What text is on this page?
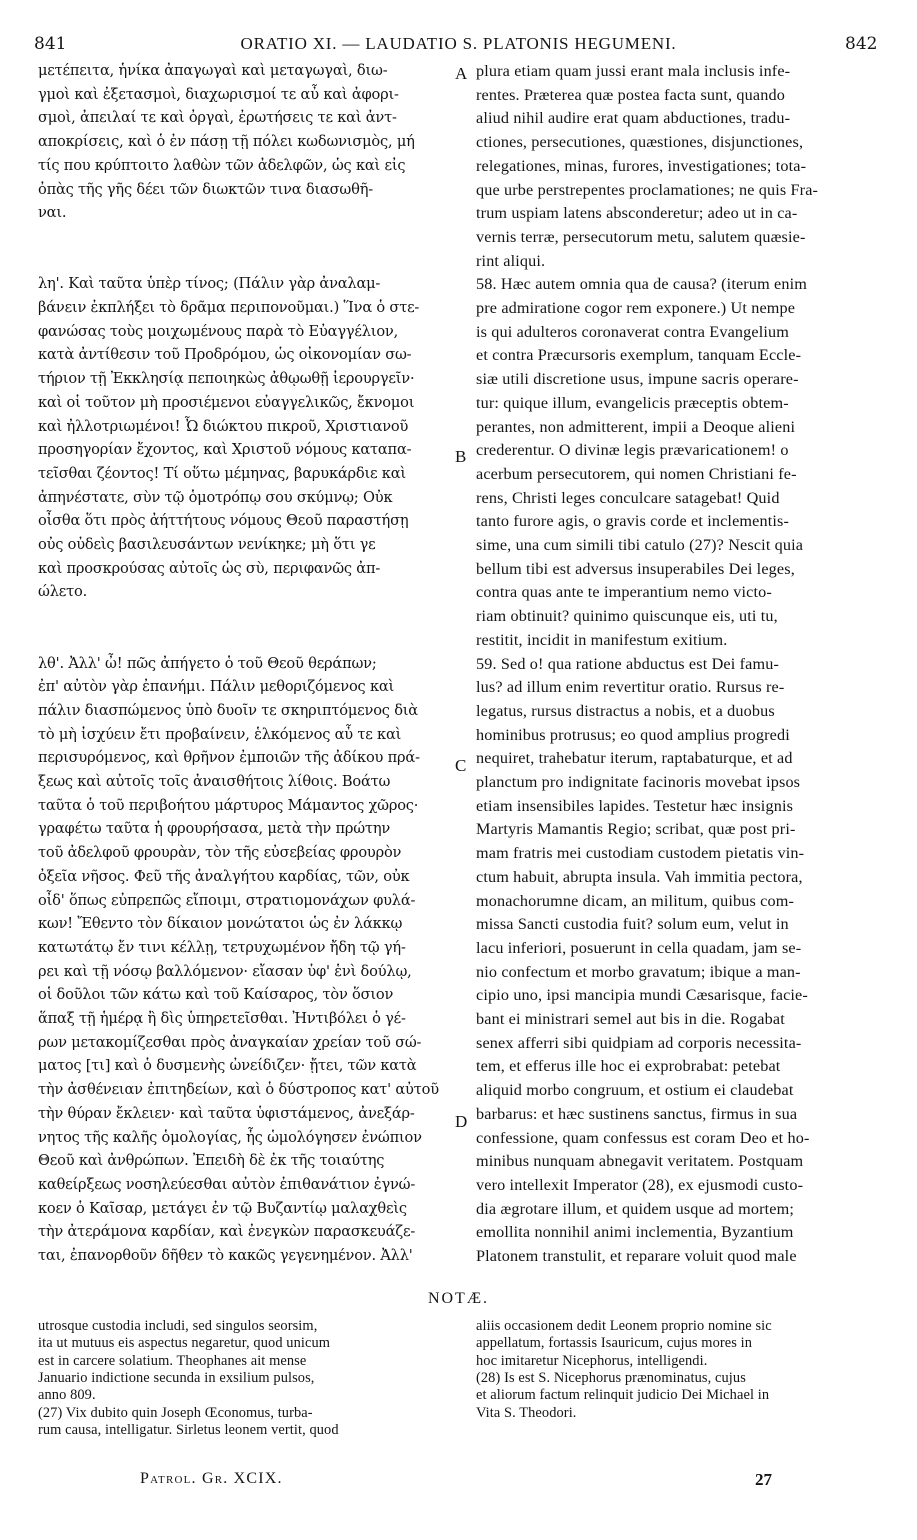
841	ORATIO XI. — LAUDATIO S. PLATONIS HEGUMENI.	842
μετέπειτα, ἡνίκα ἀπαγωγαὶ καὶ μεταγωγαὶ, διω-
γμοὶ καὶ ἐξετασμοὶ, διαχωρισμοί τε αὖ καὶ ἀφορι-
σμοὶ, ἀπειλαί τε καὶ ὀργαὶ, ἐρωτήσεις τε καὶ ἀντ-
αποκρίσεις, καὶ ὁ ἐν πάσῃ τῇ πόλει κωδωνισμὸς, μή
τίς που κρύπτοιτο λαθὼν τῶν ἀδελφῶν, ὡς καὶ εἰς
ὀπὰς τῆς γῆς δέει τῶν διωκτῶν τινα διασωθῆ-
ναι.
λη'. Καὶ ταῦτα ὑπὲρ τίνος; (Πάλιν γὰρ ἀναλαμ-
βάνειν ἐκπλήξει τὸ δρᾶμα περιπονοῦμαι.) Ἵνα ὁ στε-
φανώσας τοὺς μοιχωμένους παρὰ τὸ Εὐαγγέλιον,
κατὰ ἀντίθεσιν τοῦ Προδρόμου, ὡς οἰκονομίαν σω-
τήριον τῇ Ἐκκλησίᾳ πεποιηκὼς ἀθῳωθῇ ἱερουργεῖν·
καὶ οἱ τοῦτον μὴ προσιέμενοι εὐαγγελικῶς, ἔκνομοι
καὶ ἠλλοτριωμένοι! Ὦ διώκτου πικροῦ, Χριστιανοῦ
προσηγορίαν ἔχοντος, καὶ Χριστοῦ νόμους καταπα-
τεῖσθαι ζέοντος! Τί οὕτω μέμηνας, βαρυκάρδιε καὶ
ἀπηνέστατε, σὺν τῷ ὁμοτρόπῳ σου σκύμνῳ; Οὐκ
οἶσθα ὅτι πρὸς ἀήττήτους νόμους Θεοῦ παραστήσῃ
οὐς οὐδεὶς βασιλευσάντων νενίκηκε; μὴ ὅτι γε
καὶ προσκρούσας αὐτοῖς ὡς σὺ, περιφανῶς ἀπ-
ώλετο.
λθ'. Ἀλλ' ὦ! πῶς ἀπήγετο ὁ τοῦ Θεοῦ θεράπων;
ἐπ' αὐτὸν γὰρ ἐπανήμι. Πάλιν μεθοριζόμενος καὶ
πάλιν διασπώμενος ὑπὸ δυοῖν τε σκηριπτόμενος διὰ
τὸ μὴ ἰσχύειν ἔτι προβαίνειν, ἑλκόμενος αὖ τε καὶ
περισυρόμενος, καὶ θρῆνον ἐμποιῶν τῆς ἀδίκου πρά-
ξεως καὶ αὐτοῖς τοῖς ἀναισθήτοις λίθοις. Βοάτω
ταῦτα ὁ τοῦ περιβοήτου μάρτυρος Μάμαντος χῶρος·
γραφέτω ταῦτα ἡ φρουρήσασα, μετὰ τὴν πρώτην
τοῦ ἀδελφοῦ φρουρὰν, τὸν τῆς εὐσεβείας φρουρὸν
ὀξεῖα νῆσος. Φεῦ τῆς ἀναλγήτου καρδίας, τῶν, οὐκ
οἶδ' ὅπως εὐπρεπῶς εἴποιμι, στρατιομονάχων φυλά-
κων! Ἔθεντο τὸν δίκαιον μονώτατοι ὡς ἐν λάκκῳ
κατωτάτῳ ἔν τινι κέλλῃ, τετρυχωμένον ἤδη τῷ γή-
ρει καὶ τῇ νόσῳ βαλλόμενον· εἴασαν ὑφ' ἑνὶ δούλῳ,
οἱ δοῦλοι τῶν κάτω καὶ τοῦ Καίσαρος, τὸν ὅσιον
ἅπαξ τῇ ἡμέρᾳ ἢ δὶς ὑπηρετεῖσθαι. Ἠντιβόλει ὁ γέ-
ρων μετακομίζεσθαι πρὸς ἀναγκαίαν χρείαν τοῦ σώ-
ματος [τι] καὶ ὁ δυσμενὴς ὠνείδιζεν· ᾔτει, τῶν κατὰ
τὴν ἀσθένειαν ἐπιτηδείων, καὶ ὁ δύστροπος κατ' αὐτοῦ
τὴν θύραν ἔκλειεν· καὶ ταῦτα ὑφιστάμενος, ἀνεξάρ-
νητος τῆς καλῆς ὁμολογίας, ἧς ὡμολόγησεν ἐνώπιον
Θεοῦ καὶ ἀνθρώπων. Ἐπειδὴ δὲ ἐκ τῆς τοιαύτης
καθείρξεως νοσηλεύεσθαι αὐτὸν ἐπιθανάτιον ἐγνώ-
κοεν ὁ Καῖσαρ, μετάγει ἐν τῷ Βυζαντίῳ μαλαχθεὶς
τὴν ἀτεράμονα καρδίαν, καὶ ἐνεγκὼν παρασκευάζε-
ται, ἐπανορθοῦν δῆθεν τὸ κακῶς γεγενημένον. Ἀλλ'
plura etiam quam jussi erant mala inclusis infe-
rentes. Præterea quæ postea facta sunt, quando
aliud nihil audire erat quam abductiones, tradu-
ctiones, persecutiones, quæstiones, disjunctiones,
relegationes, minas, furores, investigationes; tota-
que urbe perstrepentes proclamationes; ne quis Fra-
trum uspiam latens absconderetur; adeo ut in ca-
vernis terræ, persecutorum metu, salutem quæsie-
rint aliqui.
58. Hæc autem omnia qua de causa? (iterum enim
pre admiratione cogor rem exponere.) Ut nempe
is qui adulteros coronaverat contra Evangelium
et contra Præcursoris exemplum, tanquam Eccle-
siæ utili discretione usus, impune sacris operare-
tur: quique illum, evangelicis præceptis obtem-
perantes, non admitterent, impii a Deoque alieni
crederentur. O divinæ legis prævaricationem! o
acerbum persecutorem, qui nomen Christiani fe-
rens, Christi leges conculcare satagebat! Quid
tanto furore agis, o gravis corde et inclementis-
sime, una cum simili tibi catulo (27)? Nescit quia
bellum tibi est adversus insuperabiles Dei leges,
contra quas ante te imperantium nemo victo-
riam obtinuit? quinimo quiscunque eis, uti tu,
restitit, incidit in manifestum exitium.
59. Sed o! qua ratione abductus est Dei famu-
lus? ad illum enim revertitur oratio. Rursus re-
legatus, rursus distractus a nobis, et a duobus
hominibus protrusus; eo quod amplius progredi
nequiret, trahebatur iterum, raptabaturque, et ad
planctum pro indignitate facinoris movebat ipsos
etiam insensibiles lapides. Testetur hæc insignis
Martyris Mamantis Regio; scribat, quæ post pri-
mam fratris mei custodiam custodem pietatis vin-
ctum habuit, abrupta insula. Vah immitia pectora,
monachorumne dicam, an militum, quibus com-
missa Sancti custodia fuit? solum eum, velut in
lacu inferiori, posuerunt in cella quadam, jam se-
nio confectum et morbo gravatum; ibique a man-
cipio uno, ipsi mancipia mundi Cæsarisque, facie-
bant ei ministrari semel aut bis in die. Rogabat
senex afferri sibi quidpiam ad corporis necessita-
tem, et efferus ille hoc ei exprobrabat: petebat
aliquid morbo congruum, et ostium ei claudebat
barbarus: et hæc sustinens sanctus, firmus in sua
confessione, quam confessus est coram Deo et ho-
minibus nunquam abnegavit veritatem. Postquam
vero intellexit Imperator (28), ex ejusmodi custo-
dia ægrotare illum, et quidem usque ad mortem;
emollita nonnihil animi inclementia, Byzantium
Platonem transtulit, et reparare voluit quod male
A
B
C
D
NOTÆ.
utrosque custodia includi, sed singulos seorsim,
ita ut mutuus eis aspectus negaretur, quod unicum
est in carcere solatium. Theophanes ait mense
Januario indictione secunda in exsilium pulsos,
anno 809.
(27) Vix dubito quin Joseph Œconomus, turba-
rum causa, intelligatur. Sirletus leonem vertit, quod
aliis occasionem dedit Leonem proprio nomine sic
appellatum, fortassis Isauricum, cujus mores in
hoc imitaretur Nicephorus, intelligendi.
(28) Is est S. Nicephorus prænominatus, cujus
et aliorum factum relinquit judicio Dei Michael in
Vita S. Theodori.
Patrol. Gr. XCIX.	27
